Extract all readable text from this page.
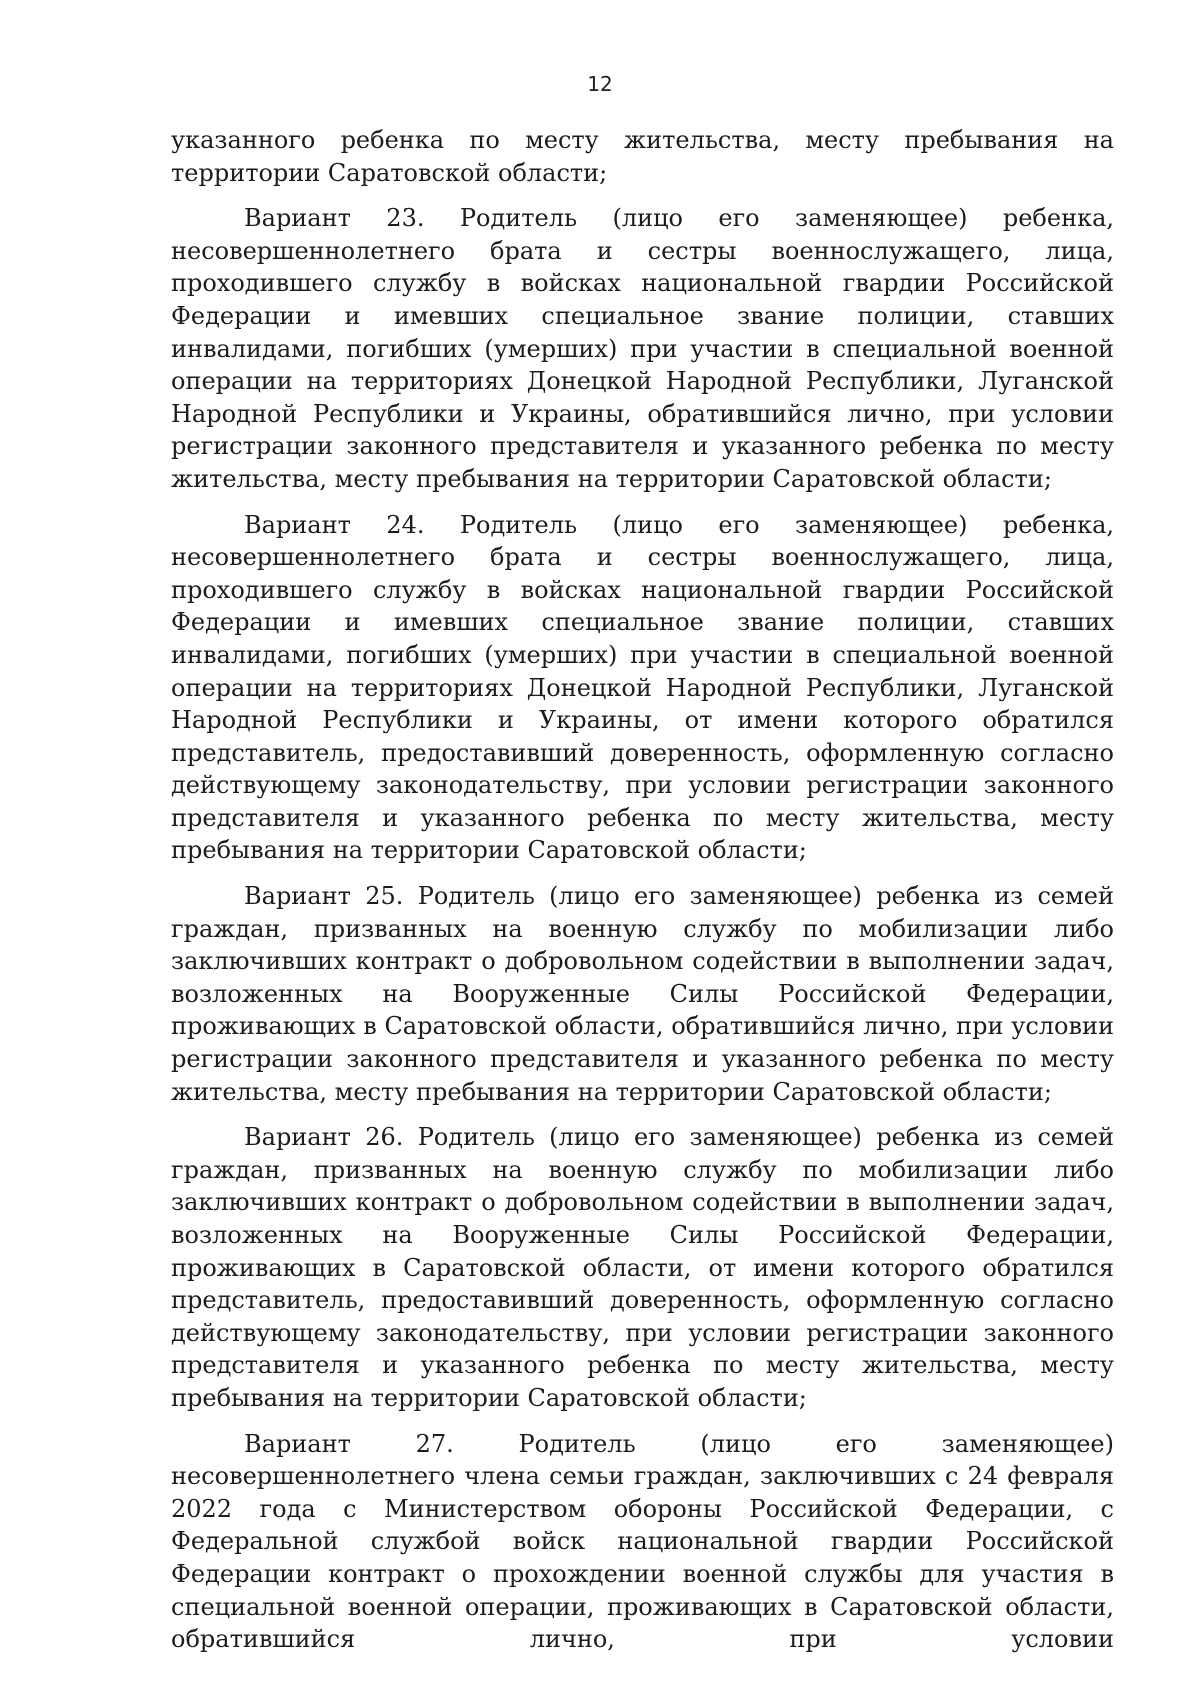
12

указанного ребенка по месту жительства, месту пребывания на территории Саратовской области;

Вариант 23. Родитель (лицо его заменяющее) ребенка, несовершеннолетнего брата и сестры военнослужащего, лица, проходившего службу в войсках национальной гвардии Российской Федерации и имевших специальное звание полиции, ставших инвалидами, погибших (умерших) при участии в специальной военной операции на территориях Донецкой Народной Республики, Луганской Народной Республики и Украины, обратившийся лично, при условии регистрации законного представителя и указанного ребенка по месту жительства, месту пребывания на территории Саратовской области;

Вариант 24. Родитель (лицо его заменяющее) ребенка, несовершеннолетнего брата и сестры военнослужащего, лица, проходившего службу в войсках национальной гвардии Российской Федерации и имевших специальное звание полиции, ставших инвалидами, погибших (умерших) при участии в специальной военной операции на территориях Донецкой Народной Республики, Луганской Народной Республики и Украины, от имени которого обратился представитель, предоставивший доверенность, оформленную согласно действующему законодательству, при условии регистрации законного представителя и указанного ребенка по месту жительства, месту пребывания на территории Саратовской области;

Вариант 25. Родитель (лицо его заменяющее) ребенка из семей граждан, призванных на военную службу по мобилизации либо заключивших контракт о добровольном содействии в выполнении задач, возложенных на Вооруженные Силы Российской Федерации, проживающих в Саратовской области, обратившийся лично, при условии регистрации законного представителя и указанного ребенка по месту жительства, месту пребывания на территории Саратовской области;

Вариант 26. Родитель (лицо его заменяющее) ребенка из семей граждан, призванных на военную службу по мобилизации либо заключивших контракт о добровольном содействии в выполнении задач, возложенных на Вооруженные Силы Российской Федерации, проживающих в Саратовской области, от имени которого обратился представитель, предоставивший доверенность, оформленную согласно действующему законодательству, при условии регистрации законного представителя и указанного ребенка по месту жительства, месту пребывания на территории Саратовской области;

Вариант 27. Родитель (лицо его заменяющее) несовершеннолетнего члена семьи граждан, заключивших с 24 февраля 2022 года с Министерством обороны Российской Федерации, с Федеральной службой войск национальной гвардии Российской Федерации контракт о прохождении военной службы для участия в специальной военной операции, проживающих в Саратовской области, обратившийся лично, при условии
